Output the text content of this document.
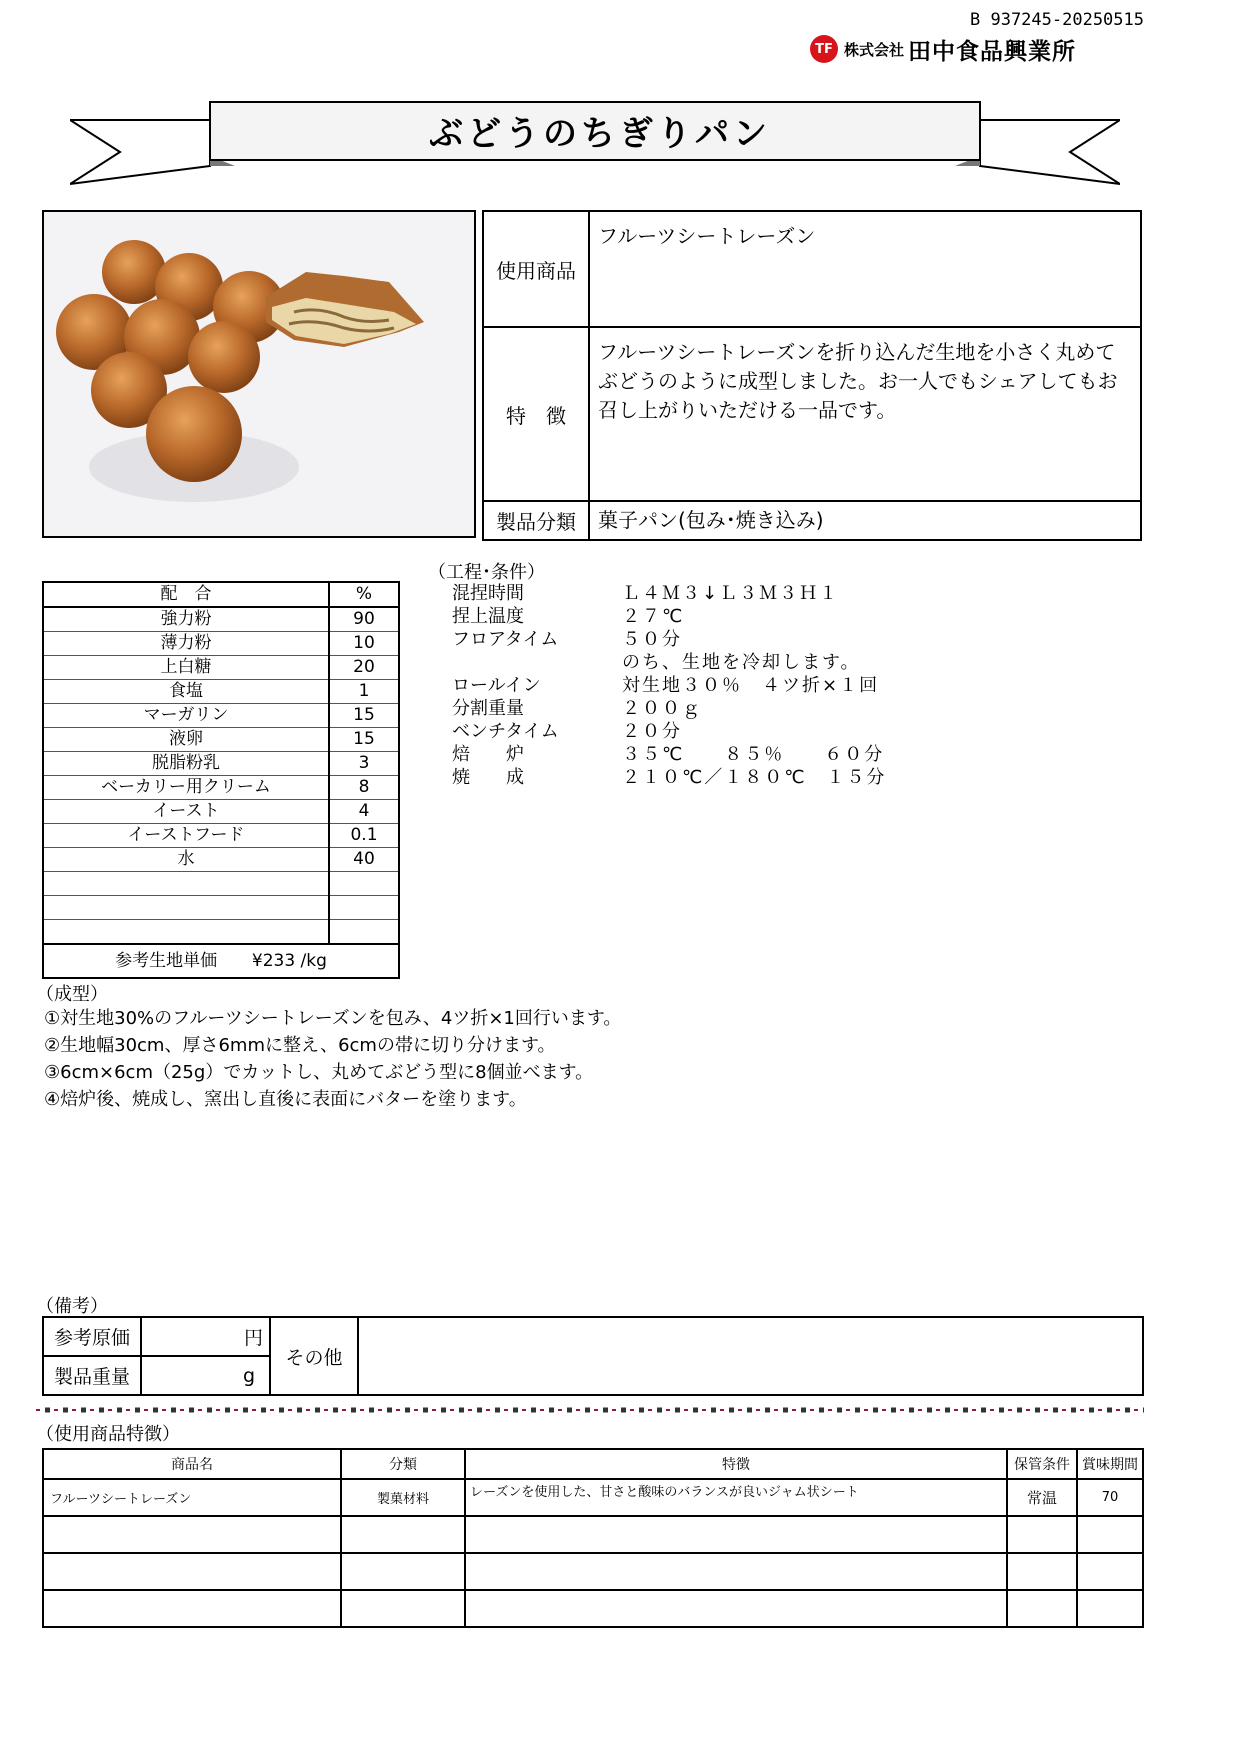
B 937245-20250515
TF 株式会社 田中食品興業所
ぶどうのちぎりパン
使用商品	フルーツシートレーズン
特　徴	フルーツシートレーズンを折り込んだ生地を小さく丸めてぶどうのように成型しました。お一人でもシェアしてもお召し上がりいただける一品です。
製品分類	菓子パン(包み･焼き込み)
配　合	%
強力粉	90
薄力粉	10
上白糖	20
食塩	1
マーガリン	15
液卵	15
脱脂粉乳	3
ベーカリー用クリーム	8
イースト	4
イーストフード	0.1
水	40

参考生地単価 ¥233 /kg	
（工程･条件）
混捏時間	Ｌ４Ｍ３↓Ｌ３Ｍ３Ｈ１
捏上温度	２７℃
フロアタイム	５０分
のち、生地を冷却します。
ロールイン	対生地３０％　４ツ折×１回
分割重量	２００ｇ
ベンチタイム	２０分
焙　　炉	３５℃　　８５％　　６０分
焼　　成	２１０℃／１８０℃　１５分
（成型）
①対生地30%のフルーツシートレーズンを包み、4ツ折×1回行います。
②生地幅30cm、厚さ6mmに整え、6cmの帯に切り分けます。
③6cm×6cm（25g）でカットし、丸めてぶどう型に8個並べます。
④焙炉後、焼成し、窯出し直後に表面にバターを塗ります。
（備考）
参考原価	円	その他	
製品重量	g		
（使用商品特徴）
商品名	分類	特徴	保管条件	賞味期間
フルーツシートレーズン	製菓材料	レーズンを使用した、甘さと酸味のバランスが良いジャム状シート	常温	70
